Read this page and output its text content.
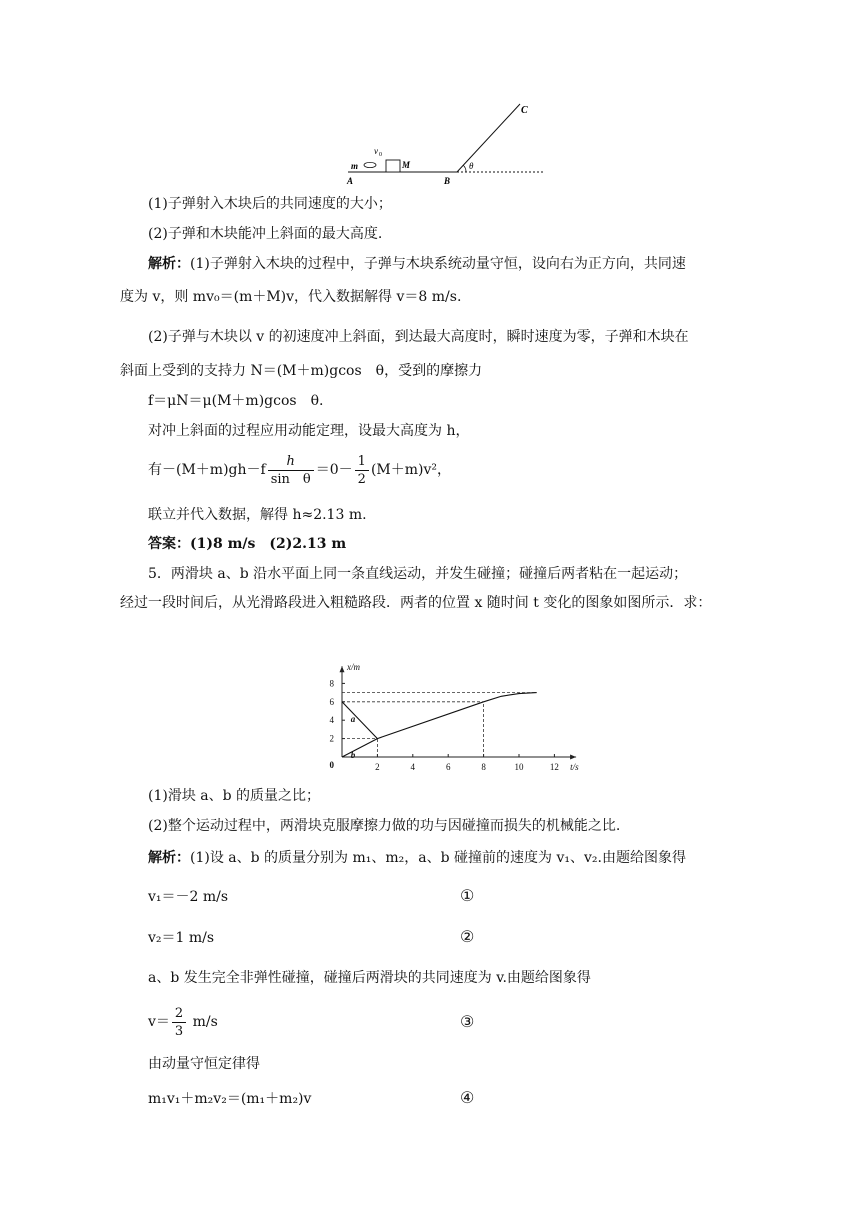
C
v 0
m	M
A	B
θ
(1)子弹射入木块后的共同速度的大小；
(2)子弹和木块能冲上斜面的最大高度.
解析：(1)子弹射入木块的过程中，子弹与木块系统动量守恒，设向右为正方向，共同速
度为 v，则 mv₀＝(m＋M)v，代入数据解得 v＝8 m/s.
(2)子弹与木块以 v 的初速度冲上斜面，到达最大高度时，瞬时速度为零，子弹和木块在
斜面上受到的支持力 N＝(M＋m)gcos　θ，受到的摩擦力
f＝μN＝μ(M＋m)gcos　θ.
对冲上斜面的过程应用动能定理，设最大高度为 h，
有$-(M+m)gh-f \frac{h}{\text{sin　θ}} =0- \frac{1}{2} (M+m)v^2$，
联立并代入数据，解得 h≈2.13 m.
答案：(1)8 m/s　(2)2.13 m
5．两滑块 a、b 沿水平面上同一条直线运动，并发生碰撞；碰撞后两者粘在一起运动；
经过一段时间后，从光滑路段进入粗糙路段．两者的位置 x 随时间 t 变化的图象如图所示．求：
2	4	6	8	10	12
2
4
6
8
0	t/s
x/m
a
b
(1)滑块 a、b 的质量之比；
(2)整个运动过程中，两滑块克服摩擦力做的功与因碰撞而损失的机械能之比.
解析：(1)设 a、b 的质量分别为 m₁、m₂，a、b 碰撞前的速度为 v₁、v₂.由题给图象得
v₁＝－2 m/s	①
v₂＝1 m/s	②
a、b 发生完全非弹性碰撞，碰撞后两滑块的共同速度为 v.由题给图象得
$v= \frac{2}{3} m/s$	③
由动量守恒定律得
m₁v₁＋m₂v₂＝(m₁＋m₂)v	④
